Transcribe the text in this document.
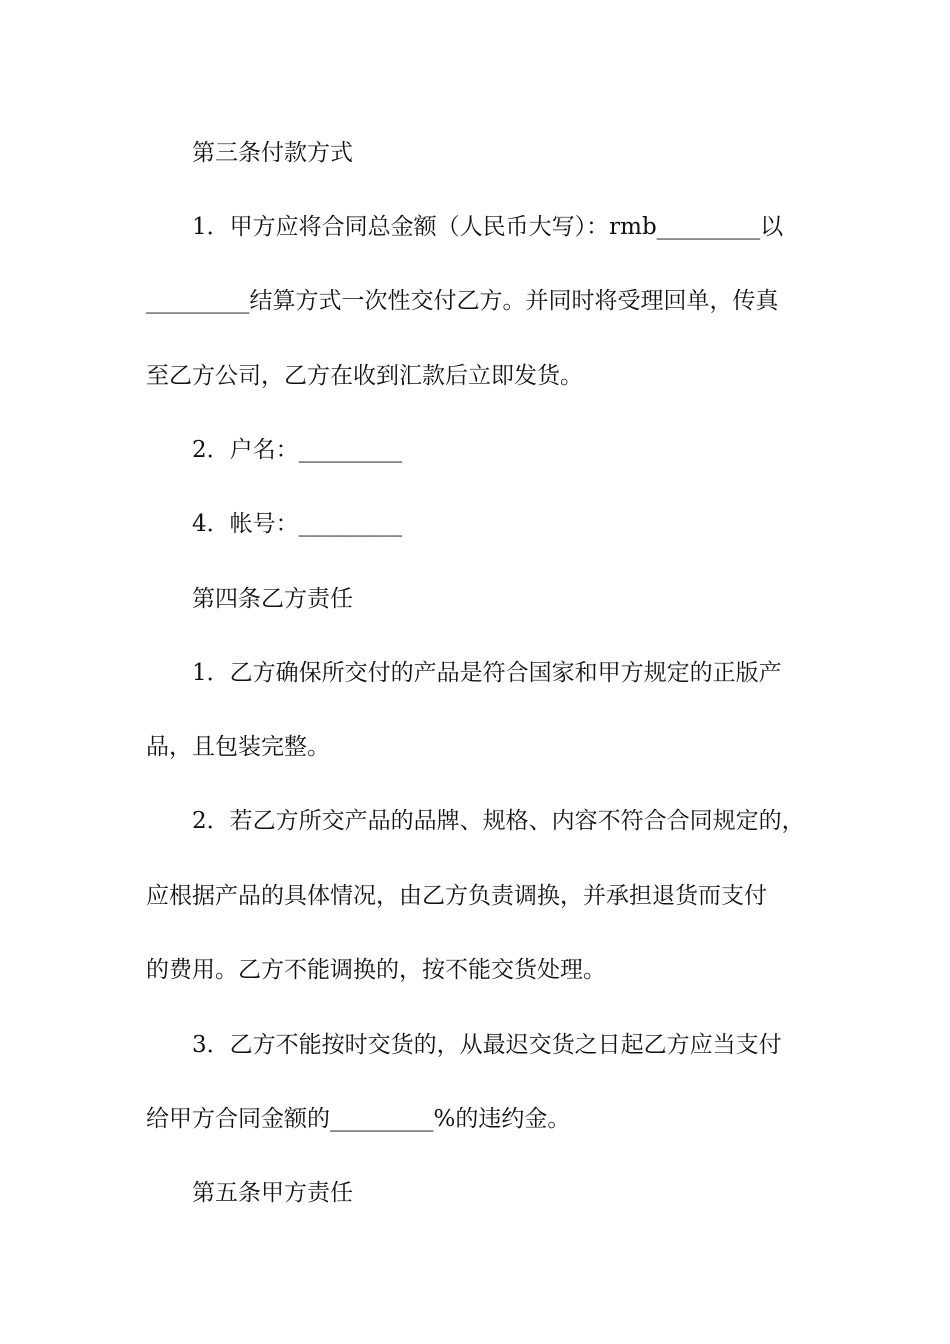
第三条付款方式
1．甲方应将合同总金额（人民币大写）：rmb_________以
_________结算方式一次性交付乙方。并同时将受理回单，传真
至乙方公司，乙方在收到汇款后立即发货。
2．户名：_________
4．帐号：_________
第四条乙方责任
1．乙方确保所交付的产品是符合国家和甲方规定的正版产
品，且包装完整。
2．若乙方所交产品的品牌、规格、内容不符合合同规定的，
应根据产品的具体情况，由乙方负责调换，并承担退货而支付
的费用。乙方不能调换的，按不能交货处理。
3．乙方不能按时交货的，从最迟交货之日起乙方应当支付
给甲方合同金额的_________%的违约金。
第五条甲方责任
